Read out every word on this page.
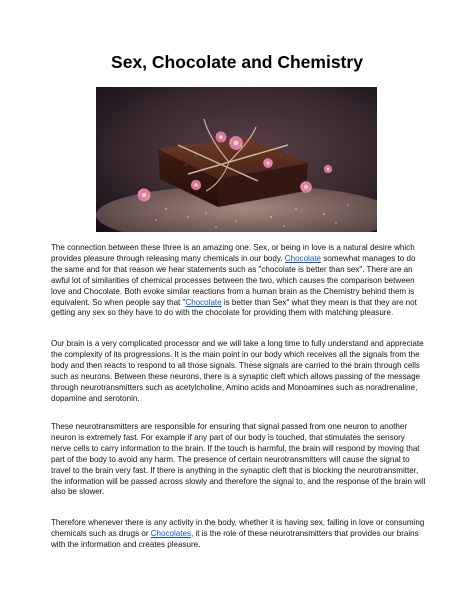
Sex, Chocolate and Chemistry

The connection between these three is an amazing one. Sex, or being in love is a natural desire which provides pleasure through releasing many chemicals in our body. Chocolate somewhat manages to do the same and for that reason we hear statements such as "chocolate is better than sex". There are an awful lot of similarities of chemical processes between the two, which causes the comparison between love and Chocolate. Both evoke similar reactions from a human brain as the Chemistry behind them is equivalent. So when people say that "Chocolate is better than Sex" what they mean is that they are not getting any sex so they have to do with the chocolate for providing them with matching pleasure.

Our brain is a very complicated processor and we will take a long time to fully understand and appreciate the complexity of its progressions. It is the main point in our body which receives all the signals from the body and then reacts to respond to all those signals. These signals are carried to the brain through cells such as neurons. Between these neurons, there is a synaptic cleft which allows passing of the message through neurotransmitters such as acetylcholine, Amino acids and Monoamines such as noradrenaline, dopamine and serotonin.

These neurotransmitters are responsible for ensuring that signal passed from one neuron to another neuron is extremely fast. For example if any part of our body is touched, that stimulates the sensory nerve cells to carry information to the brain. If the touch is harmful, the brain will respond by moving that part of the body to avoid any harm. The presence of certain neurotransmitters will cause the signal to travel to the brain very fast. If there is anything in the synaptic cleft that is blocking the neurotransmitter, the information will be passed across slowly and therefore the signal to, and the response of the brain will also be slower.

Therefore whenever there is any activity in the body, whether it is having sex, falling in love or consuming chemicals such as drugs or Chocolates, it is the role of these neurotransmitters that provides our brains with the information and creates pleasure.
